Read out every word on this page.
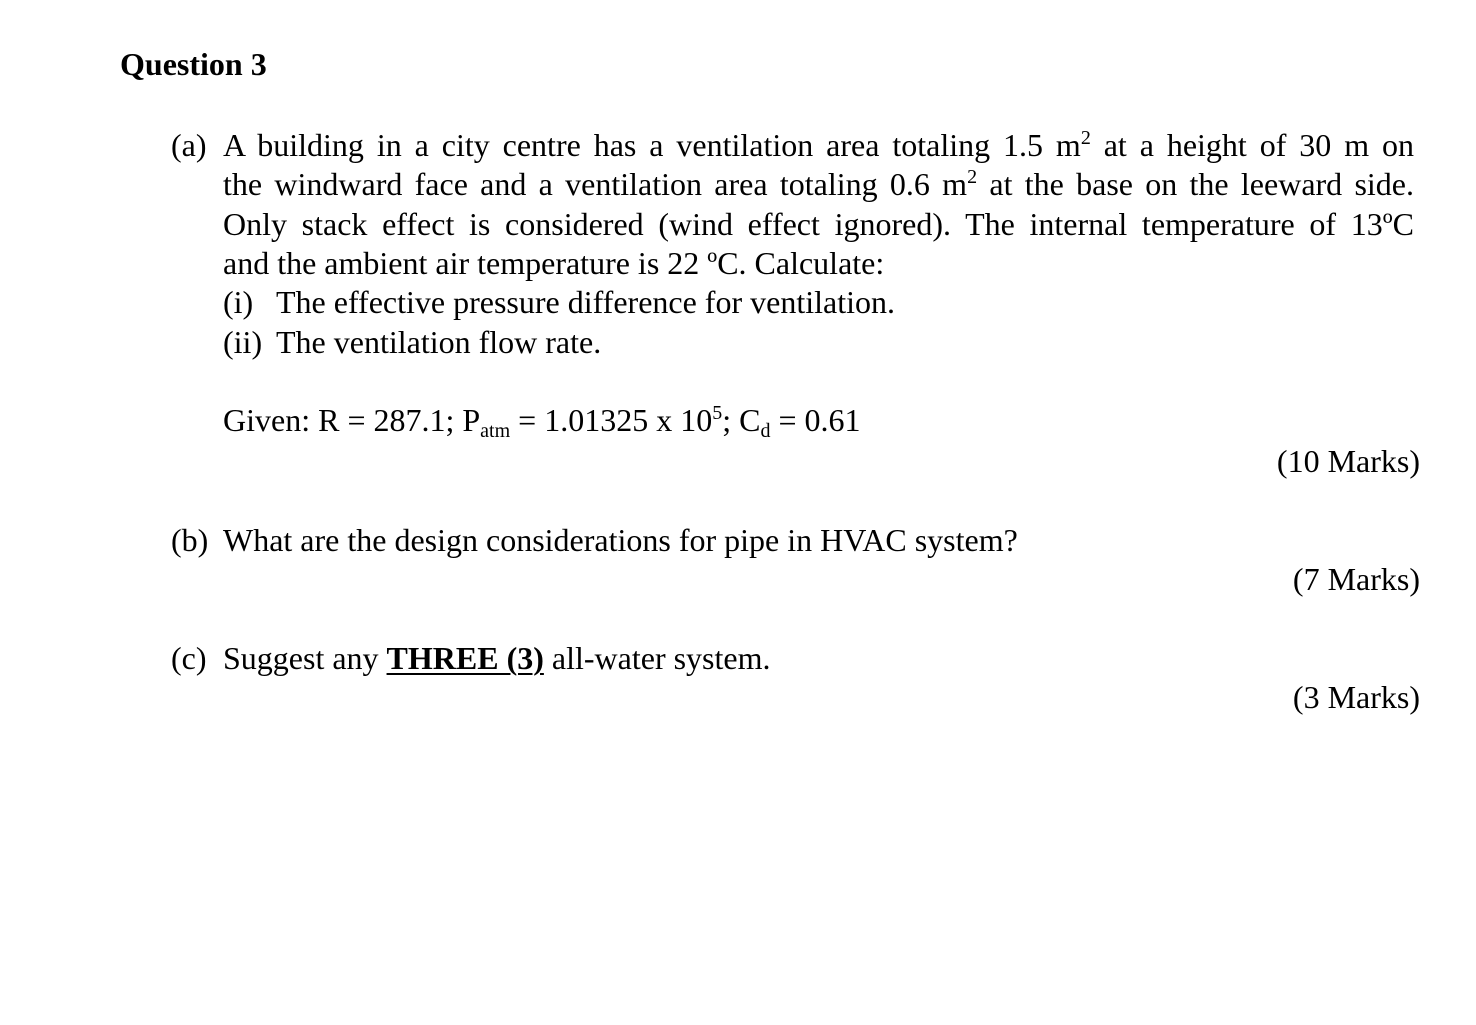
Question 3
(a) A building in a city centre has a ventilation area totaling 1.5 $m^2$ at a height of 30 m on
the windward face and a ventilation area totaling 0.6 $m^2$ at the base on the leeward side.
Only stack effect is considered (wind effect ignored). The internal temperature of 13ºC
and the ambient air temperature is 22 ºC. Calculate:
(i) The effective pressure difference for ventilation.
(ii) The ventilation flow rate.
Given: R = 287.1; $P_{atm} = 1.01325$ x $10^5$; $C_d = 0.61$
(10 Marks)
(b) What are the design considerations for pipe in HVAC system?
(7 Marks)
(c) Suggest any THREE (3) all-water system.
(3 Marks)
